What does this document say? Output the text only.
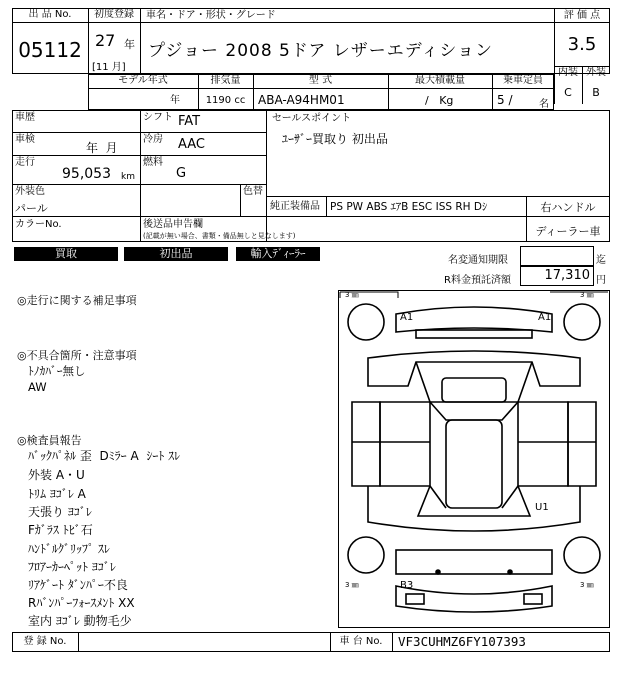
出 品 No.
05112
初度登録
27 年
[11 月]
車名・ドア・形状・グレード
プジョー 2008 5ドア レザーエディション
評 価 点
3.5
内装 外装
C	B
モデル年式
年
排気量
1190 cc
型 式
ABA-A94HM01
最大積載量
/   Kg
乗車定員
5 /	名
車歴	シフト FAT
車検
年  月
冷房 AAC
走行
95,053 km
燃料
G
外装色
パール
色替
カラーNo.	後送品申告欄
(記載が無い場合、書類・備品無しと見なします)
セールスポイント
ﾕｰｻﾞｰ買取り 初出品
純正装備品 PS PW ABS ｴｱB ESC ISS RH Dｼ	右ハンドル
ディーラー車
買取	初出品	輸入ﾃﾞｨｰﾗｰ
名変通知期限	迄
R料金預託済額	17,310 円
◎走行に関する補足事項
◎不具合箇所・注意事項
ﾄﾉｶﾊﾞｰ無し
AW
◎検査員報告
ﾊﾞｯｸﾊﾟﾈﾙ 歪  Dﾐﾗｰ A  ｼｰﾄ ｽﾚ
外装 A・U
ﾄﾘﾑ ﾖｺﾞﾚ A
天張り ﾖｺﾞﾚ
Fｶﾞﾗｽ ﾄﾋﾞ石
ﾊﾝﾄﾞﾙｸﾞﾘｯﾌﾟ ｽﾚ
ﾌﾛｱｰｶｰﾍﾟｯﾄ ﾖｺﾞﾚ
ﾘｱｹﾞｰﾄ ﾀﾞﾝﾊﾟｰ不良
Rﾊﾞﾝﾊﾟｰﾌｫｰｽﾒﾝﾄ XX
室内 ﾖｺﾞﾚ 動物毛少
3 ㎜	3 ㎜
3 ㎜	3 ㎜
A1	A1
U1
B3
登 録 No.	車 台 No.	VF3CUHMZ6FY107393
